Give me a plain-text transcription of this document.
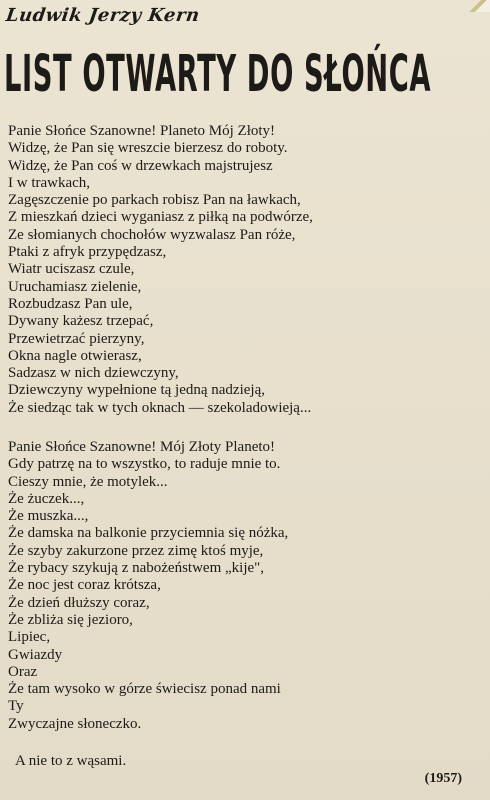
Ludwik Jerzy Kern
LIST OTWARTY DO SŁOŃCA
Panie Słońce Szanowne! Planeto Mój Złoty!
Widzę, że Pan się wreszcie bierzesz do roboty.
Widzę, że Pan coś w drzewkach majstrujesz
I w trawkach,
Zagęszczenie po parkach robisz Pan na ławkach,
Z mieszkań dzieci wyganiasz z piłką na podwórze,
Ze słomianych chochołów wyzwalasz Pan róże,
Ptaki z afryk przypędzasz,
Wiatr uciszasz czule,
Uruchamiasz zielenie,
Rozbudzasz Pan ule,
Dywany każesz trzepać,
Przewietrzać pierzyny,
Okna nagle otwierasz,
Sadzasz w nich dziewczyny,
Dziewczyny wypełnione tą jedną nadzieją,
Że siedząc tak w tych oknach — szekoladowieją...
Panie Słońce Szanowne! Mój Złoty Planeto!
Gdy patrzę na to wszystko, to raduje mnie to.
Cieszy mnie, że motylek...
Że żuczek...,
Że muszka...,
Że damska na balkonie przyciemnia się nóżka,
Że szyby zakurzone przez zimę ktoś myje,
Że rybacy szykują z nabożeństwem „kije",
Że noc jest coraz krótsza,
Że dzień dłuższy coraz,
Że zbliża się jezioro,
Lipiec,
Gwiazdy
Oraz
Że tam wysoko w górze świecisz ponad nami
Ty
Zwyczajne słoneczko.
A nie to z wąsami.
(1957)
